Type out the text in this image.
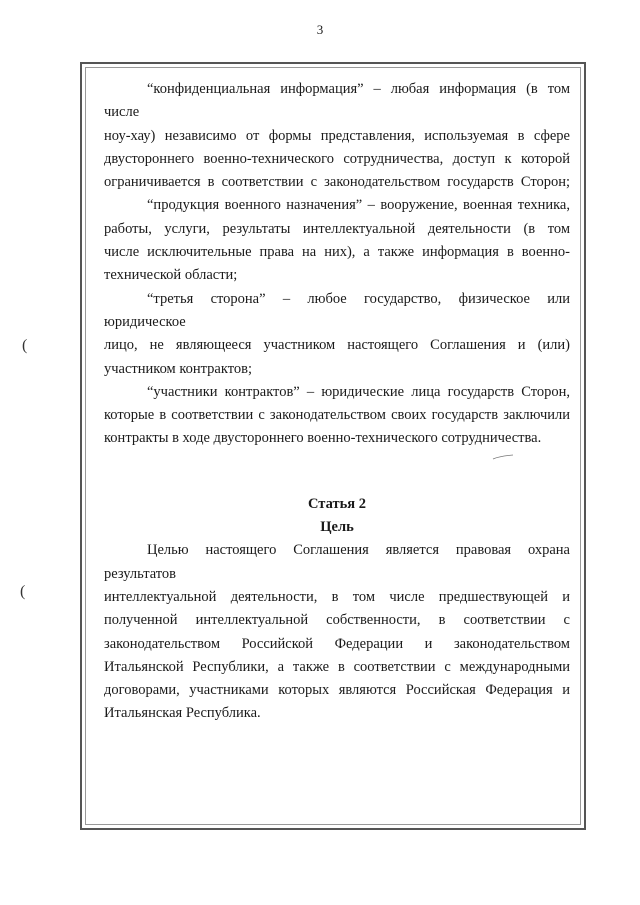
3
(
(

“конфиденциальная информация” – любая информация (в том числе

ноу-хау) независимо от формы представления, используемая в сфере

двустороннего военно-технического сотрудничества, доступ к которой

ограничивается в соответствии с законодательством государств Сторон;

“продукция военного назначения” – вооружение, военная техника,

работы, услуги, результаты интеллектуальной деятельности (в том

числе исключительные права на них), а также информация в военно-

технической области;

“третья сторона” – любое государство, физическое или юридическое

лицо, не являющееся участником настоящего Соглашения и (или)

участником контрактов;

“участники контрактов” – юридические лица государств Сторон,

которые в соответствии с законодательством своих государств заключили

контракты в ходе двустороннего военно-технического сотрудничества.

Статья 2

Цель

Целью настоящего Соглашения является правовая охрана результатов

интеллектуальной деятельности, в том числе предшествующей и

полученной интеллектуальной собственности, в соответствии с

законодательством Российской Федерации и законодательством

Итальянской Республики, а также в соответствии с международными

договорами, участниками которых являются Российская Федерация и

Итальянская Республика.
